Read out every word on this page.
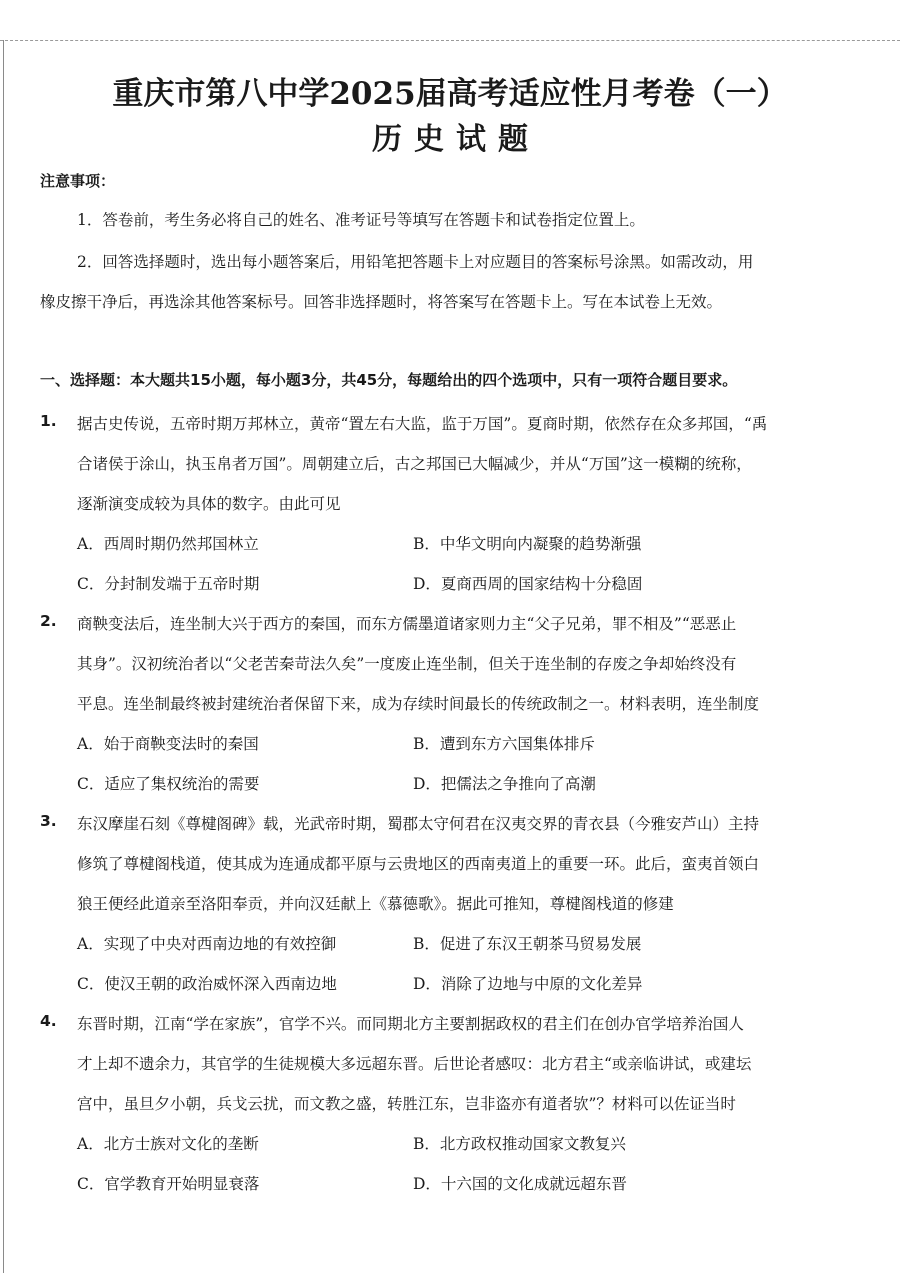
重庆市第八中学2025届高考适应性月考卷（一）
历史试题
注意事项：
1．答卷前，考生务必将自己的姓名、准考证号等填写在答题卡和试卷指定位置上。
2．回答选择题时，选出每小题答案后，用铅笔把答题卡上对应题目的答案标号涂黑。如需改动，用
橡皮擦干净后，再选涂其他答案标号。回答非选择题时，将答案写在答题卡上。写在本试卷上无效。
一、选择题：本大题共15小题，每小题3分，共45分，每题给出的四个选项中，只有一项符合题目要求。
1. 据古史传说，五帝时期万邦林立，黄帝“置左右大监，监于万国”。夏商时期，依然存在众多邦国，“禹
合诸侯于涂山，执玉帛者万国”。周朝建立后，古之邦国已大幅减少，并从“万国”这一模糊的统称，
逐渐演变成较为具体的数字。由此可见
A．西周时期仍然邦国林立	B．中华文明向内凝聚的趋势渐强
C．分封制发端于五帝时期	D．夏商西周的国家结构十分稳固
2. 商鞅变法后，连坐制大兴于西方的秦国，而东方儒墨道诸家则力主“父子兄弟，罪不相及”“恶恶止
其身”。汉初统治者以“父老苦秦苛法久矣”一度废止连坐制，但关于连坐制的存废之争却始终没有
平息。连坐制最终被封建统治者保留下来，成为存续时间最长的传统政制之一。材料表明，连坐制度
A．始于商鞅变法时的秦国	B．遭到东方六国集体排斥
C．适应了集权统治的需要	D．把儒法之争推向了高潮
3. 东汉摩崖石刻《尊楗阁碑》载，光武帝时期，蜀郡太守何君在汉夷交界的青衣县（今雅安芦山）主持
修筑了尊楗阁栈道，使其成为连通成都平原与云贵地区的西南夷道上的重要一环。此后，蛮夷首领白
狼王便经此道亲至洛阳奉贡，并向汉廷献上《慕德歌》。据此可推知，尊楗阁栈道的修建
A．实现了中央对西南边地的有效控御	B．促进了东汉王朝茶马贸易发展
C．使汉王朝的政治威怀深入西南边地	D．消除了边地与中原的文化差异
4. 东晋时期，江南“学在家族”，官学不兴。而同期北方主要割据政权的君主们在创办官学培养治国人
才上却不遗余力，其官学的生徒规模大多远超东晋。后世论者感叹：北方君主“或亲临讲试，或建坛
宫中，虽旦夕小朝，兵戈云扰，而文教之盛，转胜江东，岂非盗亦有道者欤”？材料可以佐证当时
A．北方士族对文化的垄断	B．北方政权推动国家文教复兴
C．官学教育开始明显衰落	D．十六国的文化成就远超东晋
